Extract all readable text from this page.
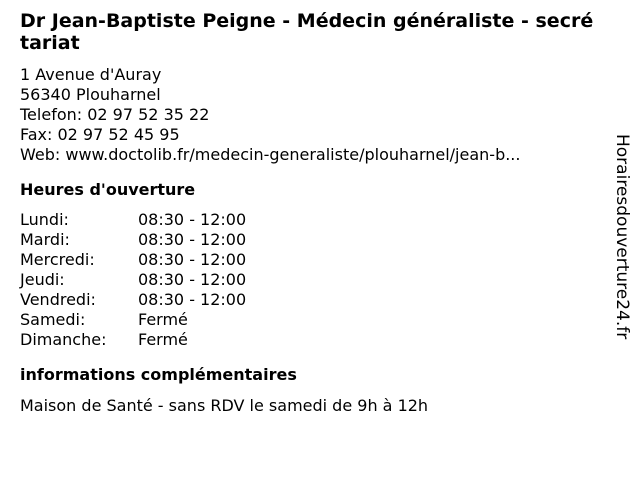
Dr Jean-Baptiste Peigne - Médecin généraliste - secrétariat
1 Avenue d'Auray
56340 Plouharnel
Telefon: 02 97 52 35 22
Fax: 02 97 52 45 95
Web: www.doctolib.fr/medecin-generaliste/plouharnel/jean-b...
Heures d'ouverture
Lundi:	08:30 - 12:00
Mardi:	08:30 - 12:00
Mercredi:	08:30 - 12:00
Jeudi:	08:30 - 12:00
Vendredi:	08:30 - 12:00
Samedi:	Fermé
Dimanche:	Fermé
informations complémentaires
Maison de Santé - sans RDV le samedi de 9h à 12h
Horairesdouverture24.fr
